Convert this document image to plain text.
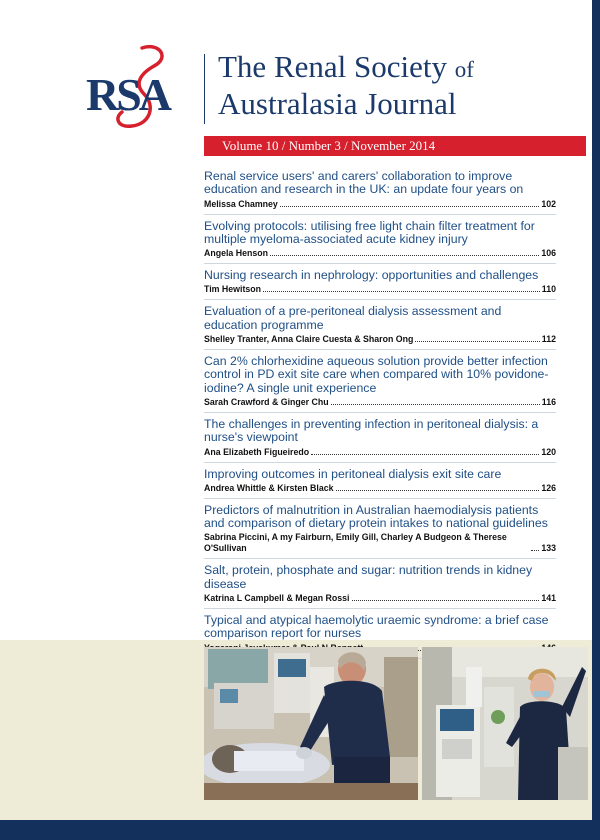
RSA
The Renal Society of
Australasia Journal
Volume 10 / Number 3 / November 2014
Renal service users' and carers' collaboration to improve education and research in the UK: an update four years on
Melissa Chamney	102
Evolving protocols: utilising free light chain filter treatment for multiple myeloma-associated acute kidney injury
Angela Henson	106
Nursing research in nephrology: opportunities and challenges
Tim Hewitson	110
Evaluation of a pre-peritoneal dialysis assessment and education programme
Shelley Tranter, Anna Claire Cuesta & Sharon Ong	112
Can 2% chlorhexidine aqueous solution provide better infection control in PD exit site care when compared with 10% povidone-iodine? A single unit experience
Sarah Crawford & Ginger Chu	116
The challenges in preventing infection in peritoneal dialysis: a nurse's viewpoint
Ana Elizabeth Figueiredo	120
Improving outcomes in peritoneal dialysis exit site care
Andrea Whittle & Kirsten Black	126
Predictors of malnutrition in Australian haemodialysis patients and comparison of dietary protein intakes to national guidelines
Sabrina Piccini, A my Fairburn, Emily Gill, Charley A Budgeon & Therese O'Sullivan	133
Salt, protein, phosphate and sugar: nutrition trends in kidney disease
Katrina L Campbell & Megan Rossi	141
Typical and atypical haemolytic uraemic syndrome: a brief case comparison report for nurses
